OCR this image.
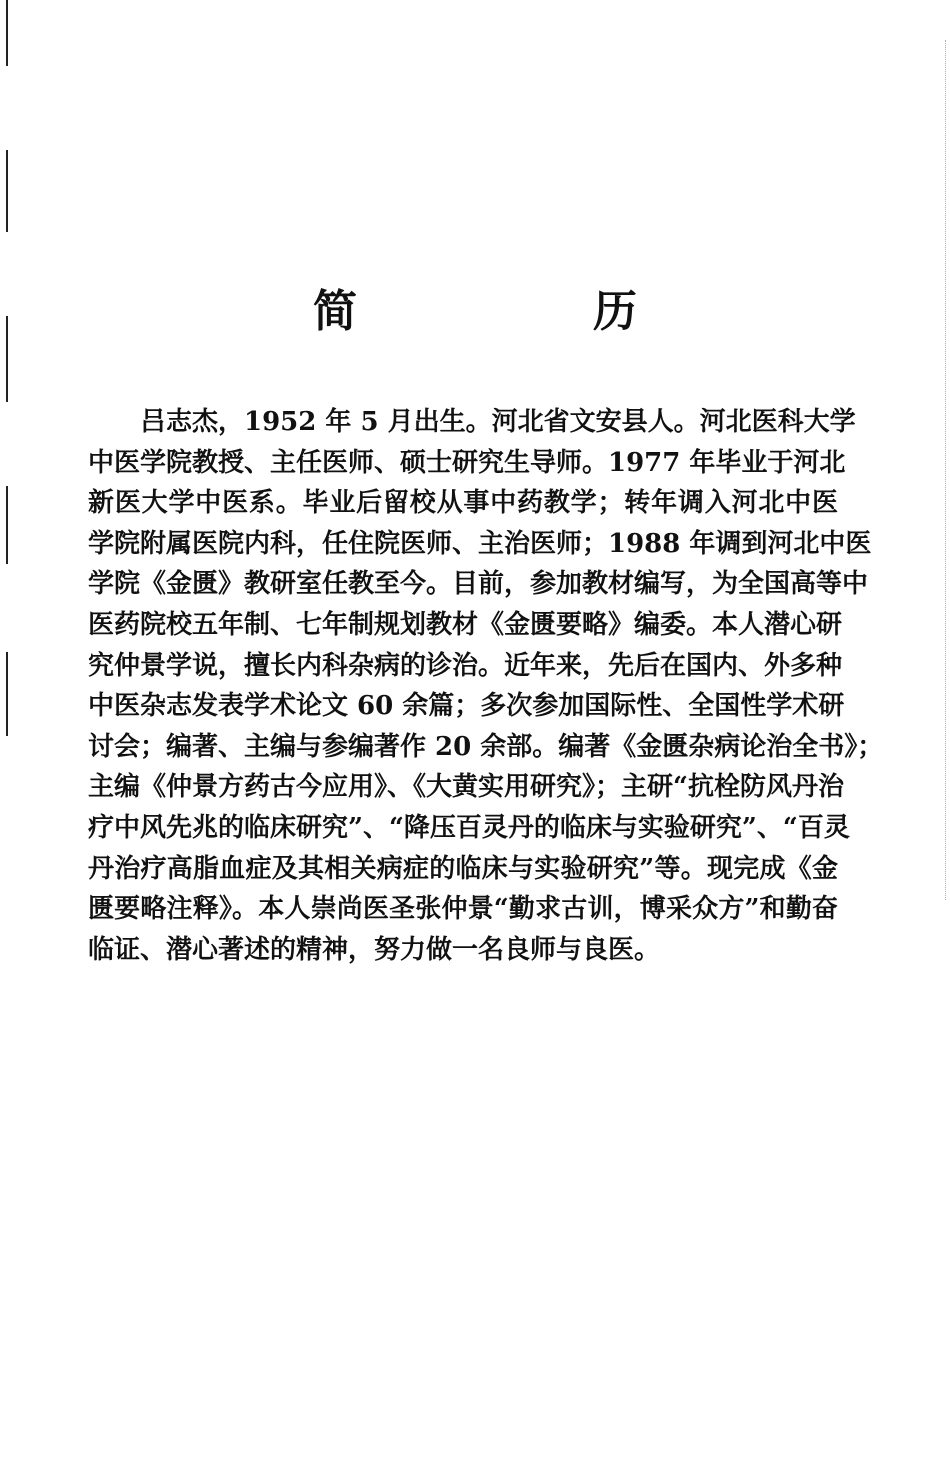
简　历
吕志杰，1952 年 5 月出生。河北省文安县人。河北医科大学
中医学院教授、主任医师、硕士研究生导师。1977 年毕业于河北
新医大学中医系。毕业后留校从事中药教学；转年调入河北中医
学院附属医院内科，任住院医师、主治医师；1988 年调到河北中医
学院《金匮》教研室任教至今。目前，参加教材编写，为全国高等中
医药院校五年制、七年制规划教材《金匮要略》编委。本人潜心研
究仲景学说，擅长内科杂病的诊治。近年来，先后在国内、外多种
中医杂志发表学术论文 60 余篇；多次参加国际性、全国性学术研
讨会；编著、主编与参编著作 20 余部。编著《金匮杂病论治全书》；
主编《仲景方药古今应用》、《大黄实用研究》；主研“抗栓防风丹治
疗中风先兆的临床研究”、“降压百灵丹的临床与实验研究”、“百灵
丹治疗高脂血症及其相关病症的临床与实验研究”等。现完成《金
匮要略注释》。本人崇尚医圣张仲景“勤求古训，博采众方”和勤奋
临证、潜心著述的精神，努力做一名良师与良医。
